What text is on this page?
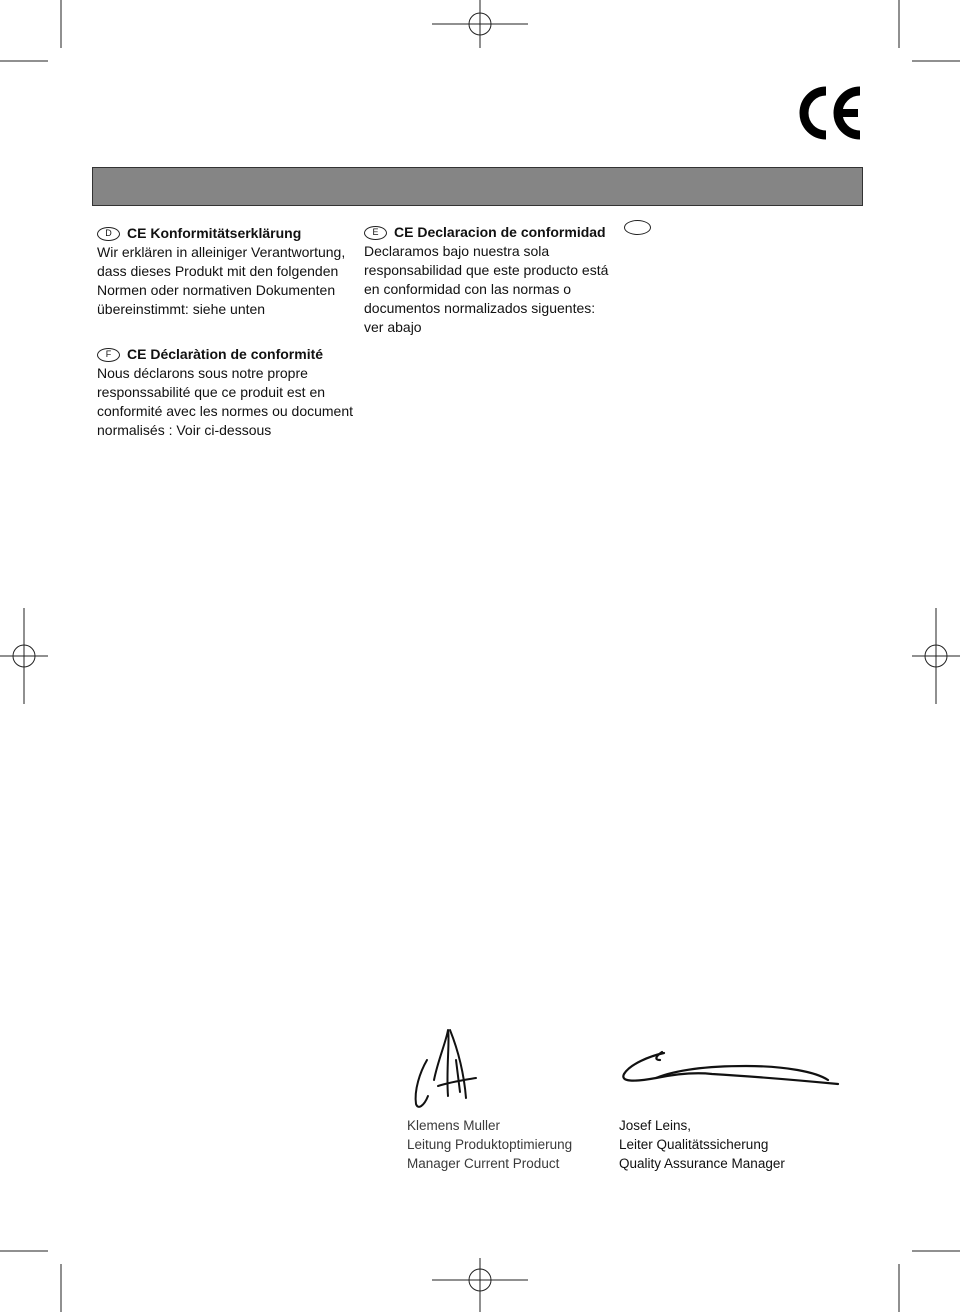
D	CE Konformitätserklärung

Wir erklären in alleiniger Verantwortung,

dass dieses Produkt mit den folgenden

Normen oder normativen Dokumenten

übereinstimmt: siehe unten

F	CE Déclaràtion de conformité

Nous déclarons sous notre propre

responssabilité que ce produit est en

conformité avec les normes ou document

normalisés : Voir ci-dessous

E	CE Declaracion de conformidad

Declaramos bajo nuestra sola

responsabilidad que este producto está

en conformidad con las normas o

documentos normalizados siguentes:

ver abajo

Klemens Muller

Leitung Produktoptimierung

Manager Current Product

Josef Leins,

Leiter Qualitätssicherung

Quality Assurance Manager
